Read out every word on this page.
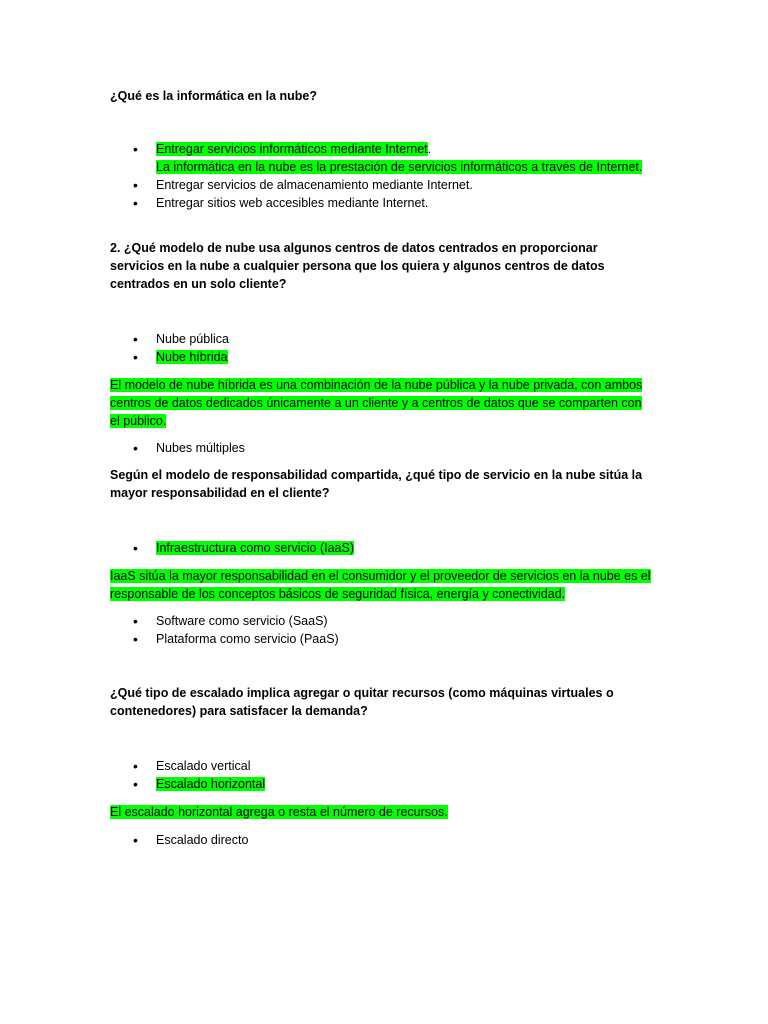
¿Qué es la informática en la nube?
• Entregar servicios informáticos mediante Internet.
La informática en la nube es la prestación de servicios informáticos a través de Internet.
• Entregar servicios de almacenamiento mediante Internet.
• Entregar sitios web accesibles mediante Internet.
2. ¿Qué modelo de nube usa algunos centros de datos centrados en proporcionar servicios en la nube a cualquier persona que los quiera y algunos centros de datos centrados en un solo cliente?
• Nube pública
• Nube híbrida
El modelo de nube híbrida es una combinación de la nube pública y la nube privada, con ambos centros de datos dedicados únicamente a un cliente y a centros de datos que se comparten con el público.
• Nubes múltiples
Según el modelo de responsabilidad compartida, ¿qué tipo de servicio en la nube sitúa la mayor responsabilidad en el cliente?
• Infraestructura como servicio (IaaS)
IaaS sitúa la mayor responsabilidad en el consumidor y el proveedor de servicios en la nube es el responsable de los conceptos básicos de seguridad física, energía y conectividad.
• Software como servicio (SaaS)
• Plataforma como servicio (PaaS)
¿Qué tipo de escalado implica agregar o quitar recursos (como máquinas virtuales o contenedores) para satisfacer la demanda?
• Escalado vertical
• Escalado horizontal
El escalado horizontal agrega o resta el número de recursos.
• Escalado directo
